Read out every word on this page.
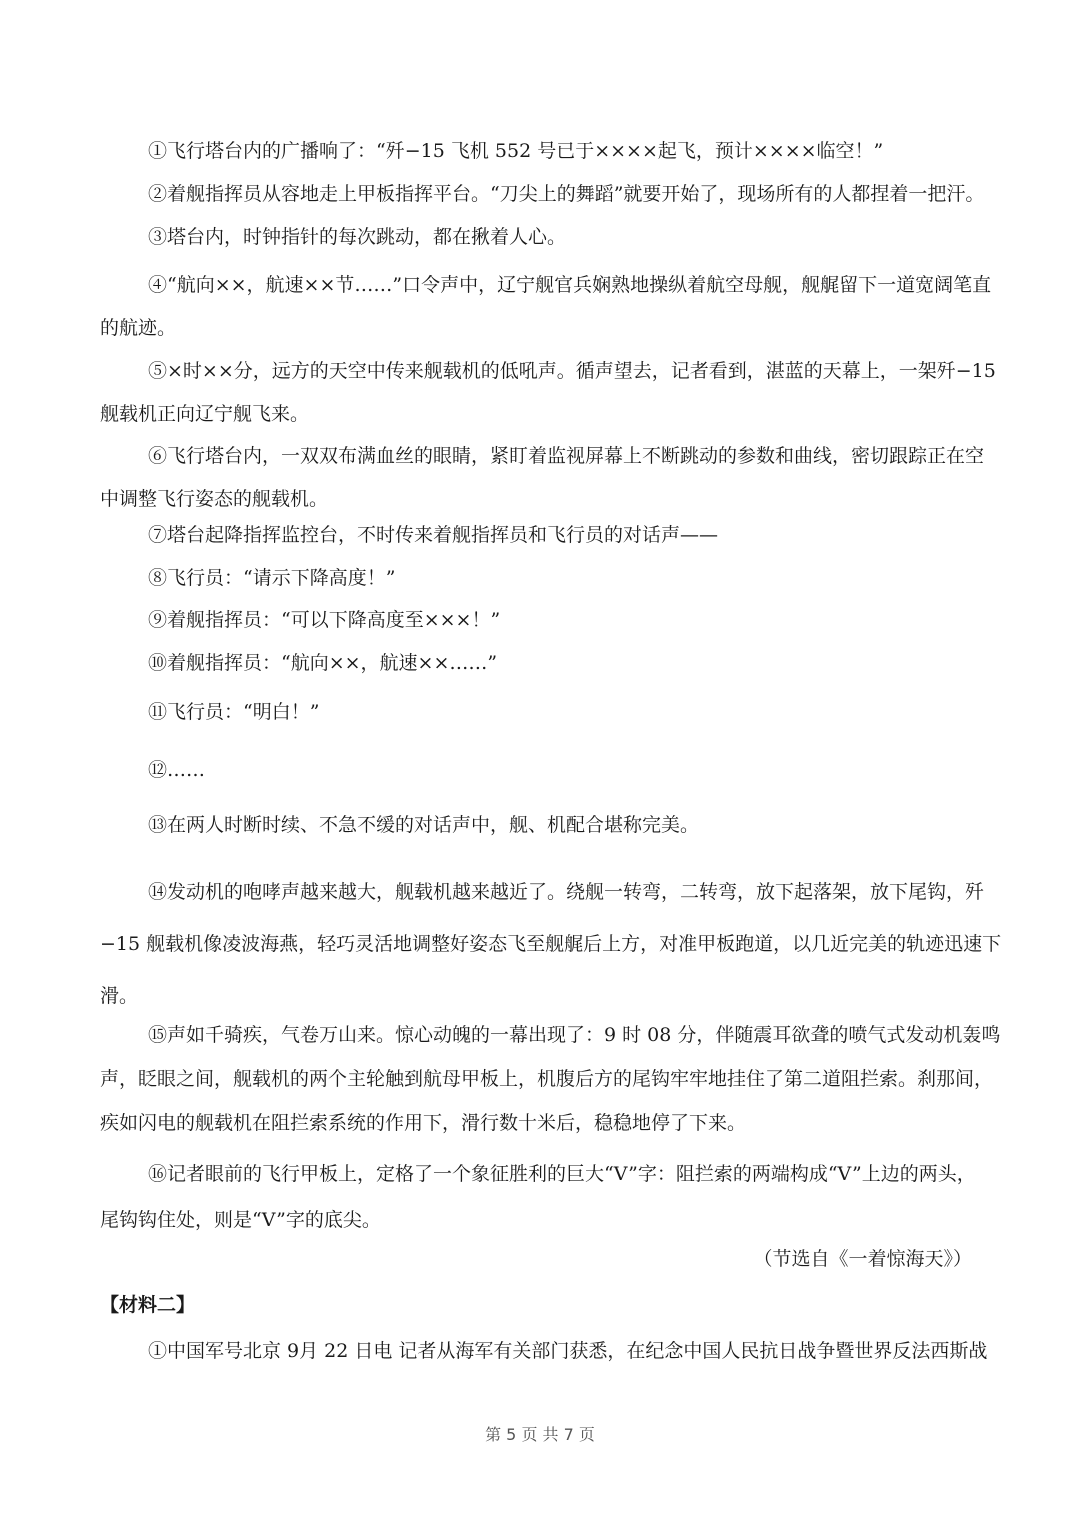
①飞行塔台内的广播响了：“歼−15 飞机 552 号已于××××起飞，预计××××临空！”
②着舰指挥员从容地走上甲板指挥平台。“刀尖上的舞蹈”就要开始了，现场所有的人都捏着一把汗。
③塔台内，时钟指针的每次跳动，都在揪着人心。
④“航向××，航速××节……”口令声中，辽宁舰官兵娴熟地操纵着航空母舰，舰艉留下一道宽阔笔直
的航迹。
⑤×时××分，远方的天空中传来舰载机的低吼声。循声望去，记者看到，湛蓝的天幕上，一架歼−15
舰载机正向辽宁舰飞来。
⑥飞行塔台内，一双双布满血丝的眼睛，紧盯着监视屏幕上不断跳动的参数和曲线，密切跟踪正在空
中调整飞行姿态的舰载机。
⑦塔台起降指挥监控台，不时传来着舰指挥员和飞行员的对话声——
⑧飞行员：“请示下降高度！”
⑨着舰指挥员：“可以下降高度至×××！”
⑩着舰指挥员：“航向××，航速××……”
⑪飞行员：“明白！”
⑫……
⑬在两人时断时续、不急不缓的对话声中，舰、机配合堪称完美。
⑭发动机的咆哮声越来越大，舰载机越来越近了。绕舰一转弯，二转弯，放下起落架，放下尾钩，歼
−15 舰载机像凌波海燕，轻巧灵活地调整好姿态飞至舰艉后上方，对准甲板跑道，以几近完美的轨迹迅速下
滑。
⑮声如千骑疾，气卷万山来。惊心动魄的一幕出现了：9 时 08 分，伴随震耳欲聋的喷气式发动机轰鸣
声，眨眼之间，舰载机的两个主轮触到航母甲板上，机腹后方的尾钩牢牢地挂住了第二道阻拦索。刹那间，
疾如闪电的舰载机在阻拦索系统的作用下，滑行数十米后，稳稳地停了下来。
⑯记者眼前的飞行甲板上，定格了一个象征胜利的巨大“V”字：阻拦索的两端构成“V”上边的两头，
尾钩钩住处，则是“V”字的底尖。
（节选自《一着惊海天》）
【材料二】
①中国军号北京 9月 22 日电 记者从海军有关部门获悉，在纪念中国人民抗日战争暨世界反法西斯战
第 5 页 共 7 页
